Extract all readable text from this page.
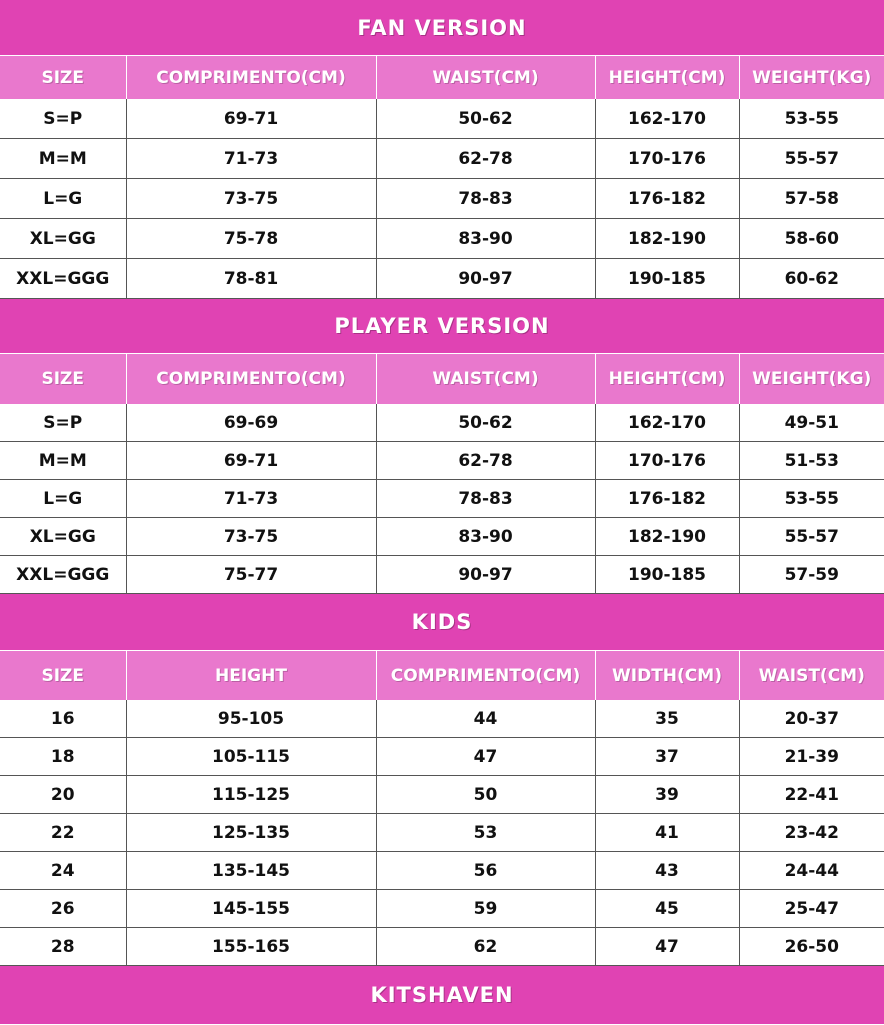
FAN VERSION
SIZE	COMPRIMENTO(CM)	WAIST(CM)	HEIGHT(CM)	WEIGHT(KG)
S=P	69-71	50-62	162-170	53-55
M=M	71-73	62-78	170-176	55-57
L=G	73-75	78-83	176-182	57-58
XL=GG	75-78	83-90	182-190	58-60
XXL=GGG	78-81	90-97	190-185	60-62
PLAYER VERSION
SIZE	COMPRIMENTO(CM)	WAIST(CM)	HEIGHT(CM)	WEIGHT(KG)
S=P	69-69	50-62	162-170	49-51
M=M	69-71	62-78	170-176	51-53
L=G	71-73	78-83	176-182	53-55
XL=GG	73-75	83-90	182-190	55-57
XXL=GGG	75-77	90-97	190-185	57-59
KIDS
SIZE	HEIGHT	COMPRIMENTO(CM)	WIDTH(CM)	WAIST(CM)
16	95-105	44	35	20-37
18	105-115	47	37	21-39
20	115-125	50	39	22-41
22	125-135	53	41	23-42
24	135-145	56	43	24-44
26	145-155	59	45	25-47
28	155-165	62	47	26-50
KITSHAVEN
